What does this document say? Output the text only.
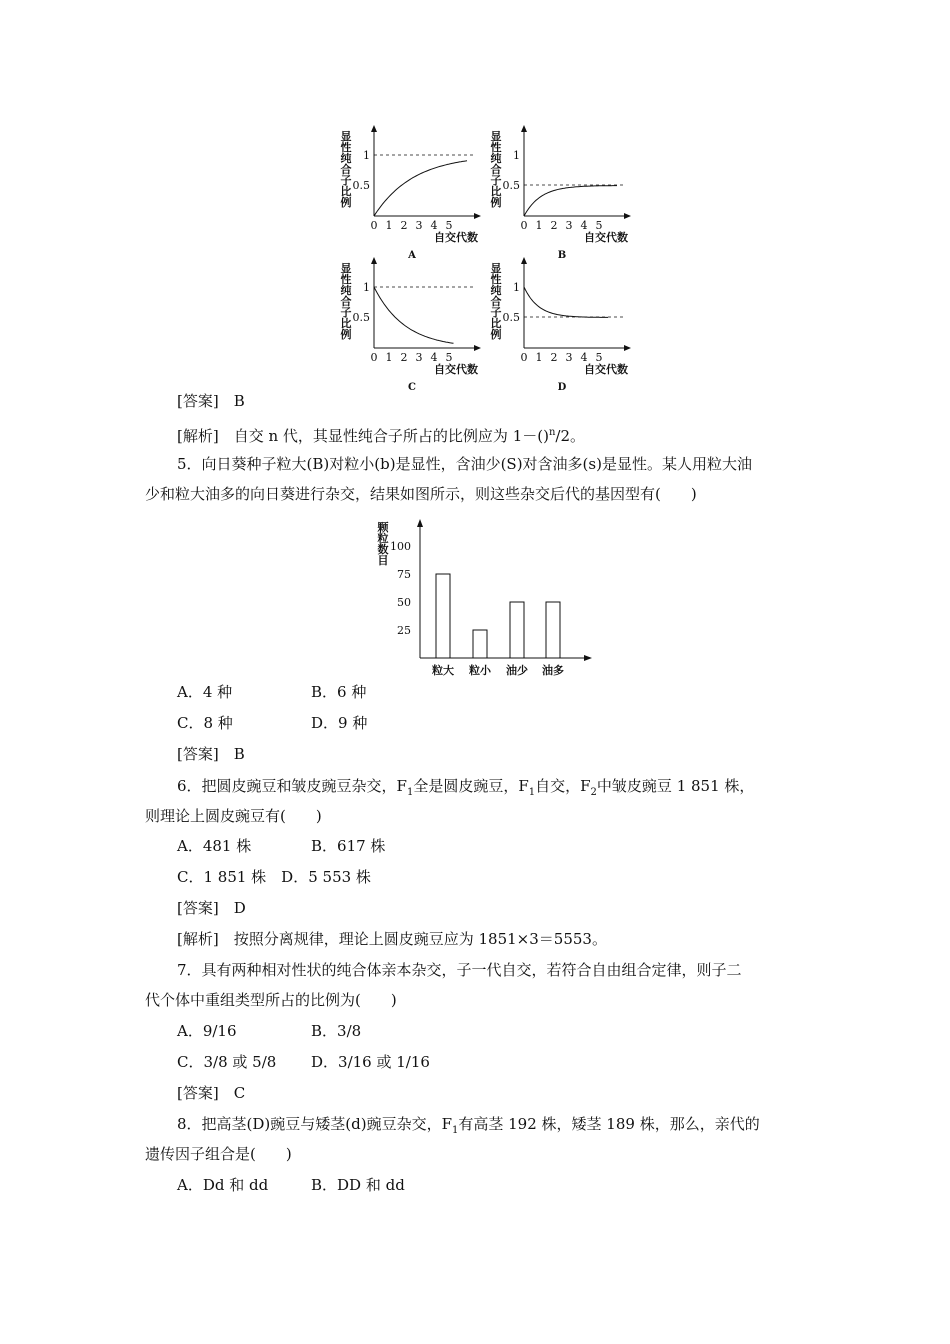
显
性
纯
合
子
比
例
1
0.5
0 1 2 3 4 5
自交代数
A
显
性
纯
合
子
比
例
1
0.5
0 1 2 3 4 5
自交代数
B
显
性
纯
合
子
比
例
1
0.5
0 1 2 3 4 5
自交代数
C
显
性
纯
合
子
比
例
1
0.5
0 1 2 3 4 5
自交代数
D
[答案]　 B
[解析]　 自交 n 代，其显性纯合子所占的比例应为 1－()$^n$/2。
5．向日葵种子粒大(B)对粒小(b)是显性，含油少(S)对含油多(s)是显性。某人用粒大油
少和粒大油多的向日葵进行杂交，结果如图所示，则这些杂交后代的基因型有(　　)
颗
粒
数
目
25
50
75
100
粒大 粒小 油少 油多
A．4 种	B．6 种
C．8 种	D．9 种
[答案]　 B
6．把圆皮豌豆和皱皮豌豆杂交，$F_1$全是圆皮豌豆，$F_1$自交，$F_2$中皱皮豌豆 1 851 株，
则理论上圆皮豌豆有(　　)
A．481 株	B．617 株
C．1 851 株　D．5 553 株
[答案]　 D
[解析]　 按照分离规律，理论上圆皮豌豆应为 1851×3＝5553。
7．具有两种相对性状的纯合体亲本杂交，子一代自交，若符合自由组合定律，则子二
代个体中重组类型所占的比例为(　　)
A．9/16	B．3/8
C．3/8 或 5/8 D．3/16 或 1/16
[答案]　 C
8．把高茎(D)豌豆与矮茎(d)豌豆杂交，$F_1$有高茎 192 株，矮茎 189 株，那么，亲代的
遗传因子组合是(　　)
A．Dd 和 dd	B．DD 和 dd
